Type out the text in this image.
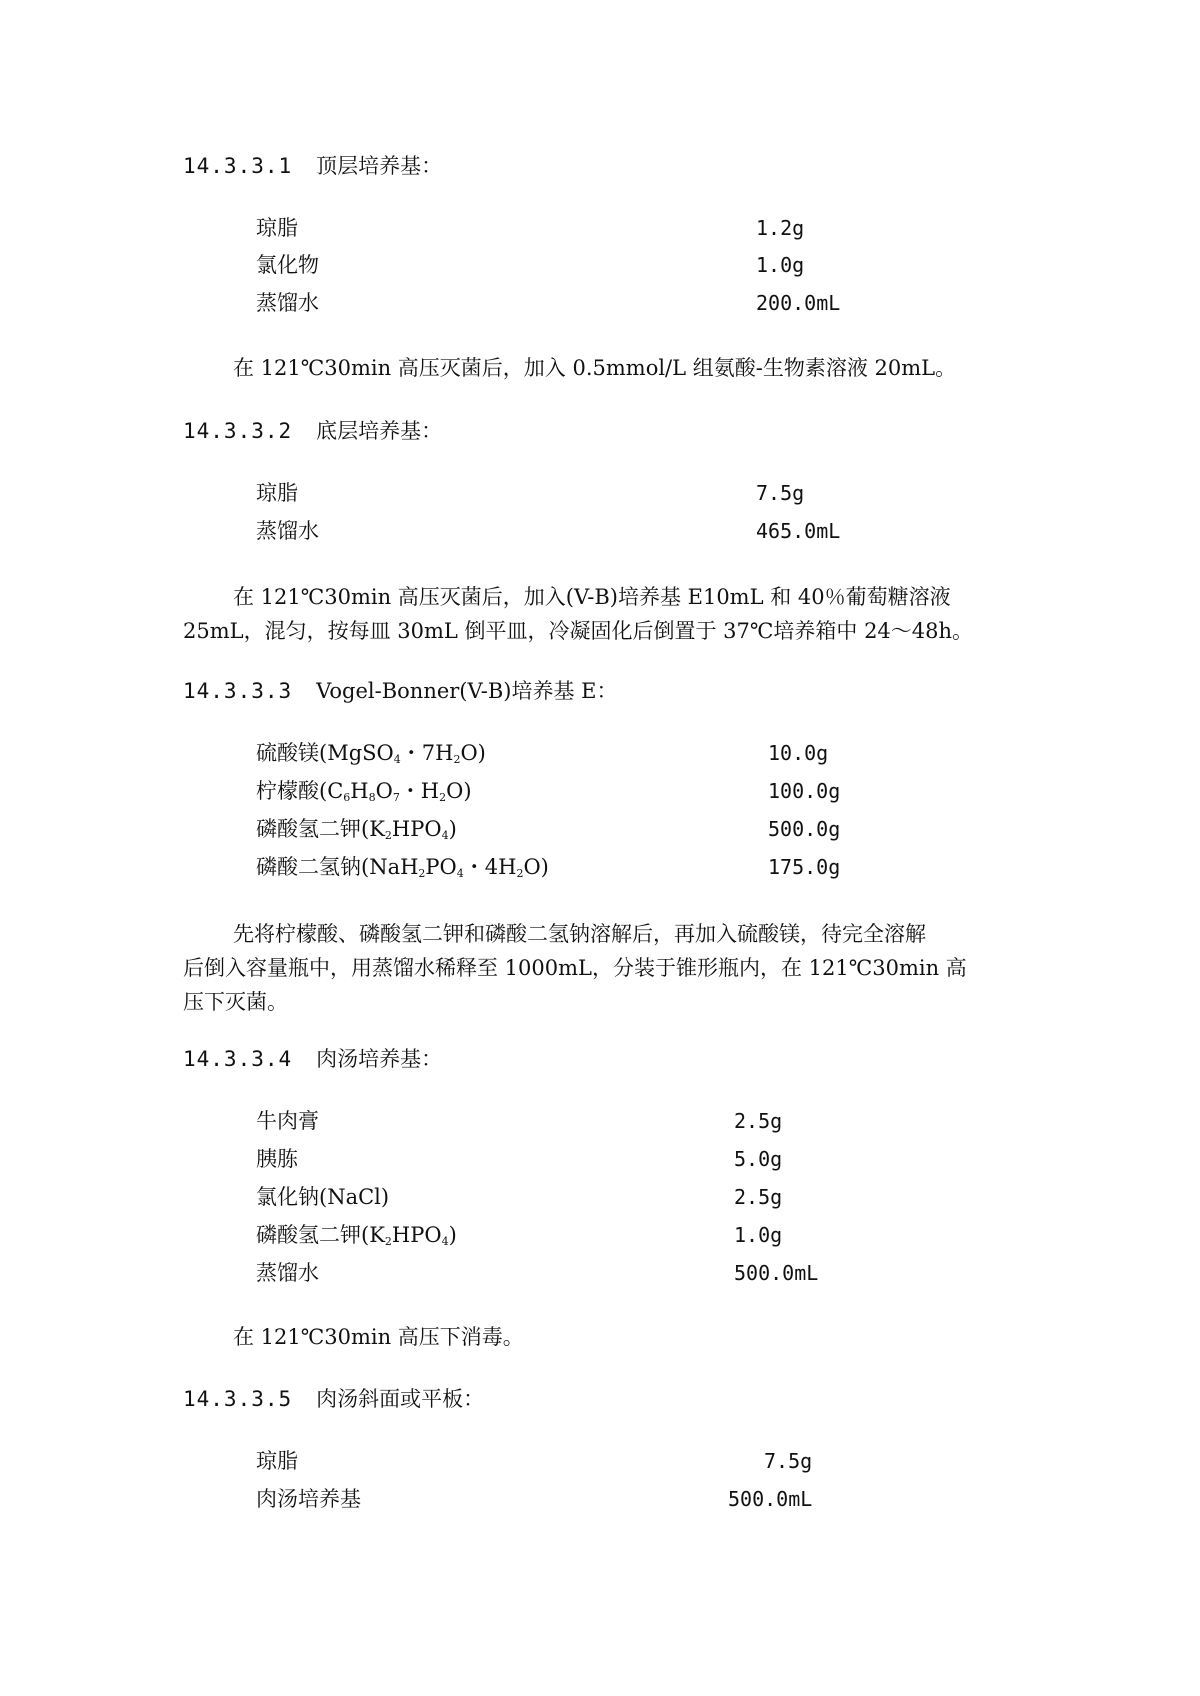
14.3.3.1 顶层培养基：
琼脂	1.2g
氯化物	1.0g
蒸馏水	200.0mL
在 121℃30min 高压灭菌后，加入 0.5mmol/L 组氨酸-生物素溶液 20mL。
14.3.3.2 底层培养基：
琼脂	7.5g
蒸馏水	465.0mL
在 121℃30min 高压灭菌后，加入(V-B)培养基 E10mL 和 40％葡萄糖溶液
25mL，混匀，按每皿 30mL 倒平皿，冷凝固化后倒置于 37℃培养箱中 24～48h。
14.3.3.3 Vogel-Bonner(V-B)培养基 E：
硫酸镁(MgSO$_4$・$7H_2O$)	10.0g
柠檬酸($C_6H_8O_7$・$H_2O$)	100.0g
磷酸氢二钾$(K_2HPO_4)$	500.0g
磷酸二氢钠($NaH_2PO_4$・$4H_2O$)	175.0g
先将柠檬酸、磷酸氢二钾和磷酸二氢钠溶解后，再加入硫酸镁，待完全溶解
后倒入容量瓶中，用蒸馏水稀释至 1000mL，分装于锥形瓶内，在 121℃30min 高
压下灭菌。
14.3.3.4 肉汤培养基：
牛肉膏	2.5g
胰胨	5.0g
氯化钠(NaCl)	2.5g
磷酸氢二钾$(K_2HPO_4)$	1.0g
蒸馏水	500.0mL
在 121℃30min 高压下消毒。
14.3.3.5 肉汤斜面或平板：
琼脂	7.5g
肉汤培养基	500.0mL
